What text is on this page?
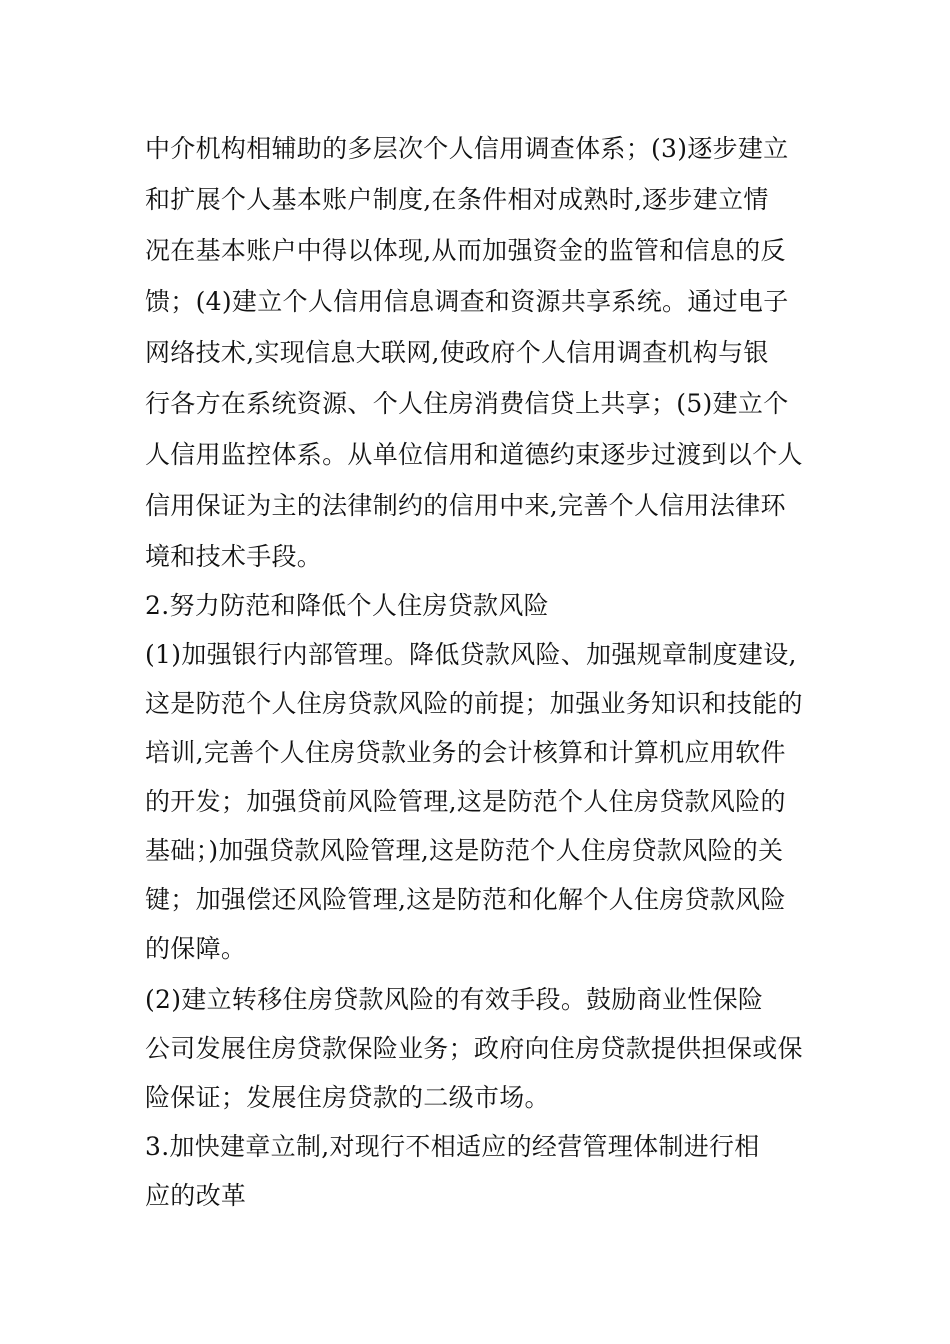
中介机构相辅助的多层次个人信用调查体系；(3)逐步建立
和扩展个人基本账户制度,在条件相对成熟时,逐步建立情
况在基本账户中得以体现,从而加强资金的监管和信息的反
馈；(4)建立个人信用信息调查和资源共享系统。通过电子
网络技术,实现信息大联网,使政府个人信用调查机构与银
行各方在系统资源、个人住房消费信贷上共享；(5)建立个
人信用监控体系。从单位信用和道德约束逐步过渡到以个人
信用保证为主的法律制约的信用中来,完善个人信用法律环
境和技术手段。
2.努力防范和降低个人住房贷款风险
(1)加强银行内部管理。降低贷款风险、加强规章制度建设,
这是防范个人住房贷款风险的前提；加强业务知识和技能的
培训,完善个人住房贷款业务的会计核算和计算机应用软件
的开发；加强贷前风险管理,这是防范个人住房贷款风险的
基础；)加强贷款风险管理,这是防范个人住房贷款风险的关
键；加强偿还风险管理,这是防范和化解个人住房贷款风险
的保障。
(2)建立转移住房贷款风险的有效手段。鼓励商业性保险
公司发展住房贷款保险业务；政府向住房贷款提供担保或保
险保证；发展住房贷款的二级市场。
3.加快建章立制,对现行不相适应的经营管理体制进行相
应的改革
